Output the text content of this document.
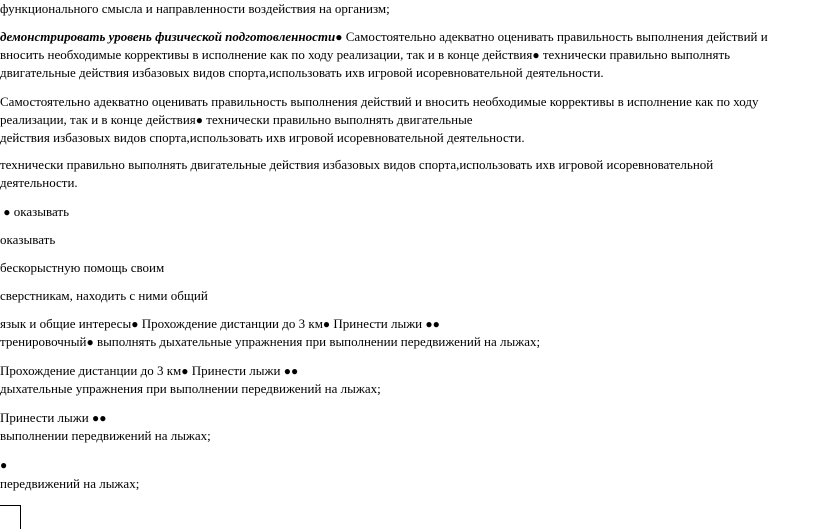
функционального смысла и направленности воздействия на организм;
демонстрировать уровень физической подготовленности● Самостоятельно адекватно оценивать правильность выполнения действий и
вносить необходимые коррективы в исполнение как по ходу реализации, так и в конце действия● технически правильно выполнять
двигательные действия избазовых видов спорта,использовать ихв игровой исоревновательной деятельности.
Самостоятельно адекватно оценивать правильность выполнения действий и вносить необходимые коррективы в исполнение как по ходу
реализации, так и в конце действия● технически правильно выполнять двигательные
действия избазовых видов спорта,использовать ихв игровой исоревновательной деятельности.
технически правильно выполнять двигательные действия избазовых видов спорта,использовать ихв игровой исоревновательной
деятельности.
● оказывать
оказывать
бескорыстную помощь своим
сверстникам, находить с ними общий
язык и общие интересы● Прохождение дистанции до 3 км● Принести лыжи ●●
тренировочный● выполнять дыхательные упражнения при выполнении передвижений на лыжах;
Прохождение дистанции до 3 км● Принести лыжи ●●
дыхательные упражнения при выполнении передвижений на лыжах;
Принести лыжи ●●
выполнении передвижений на лыжах;
●
передвижений на лыжах;
